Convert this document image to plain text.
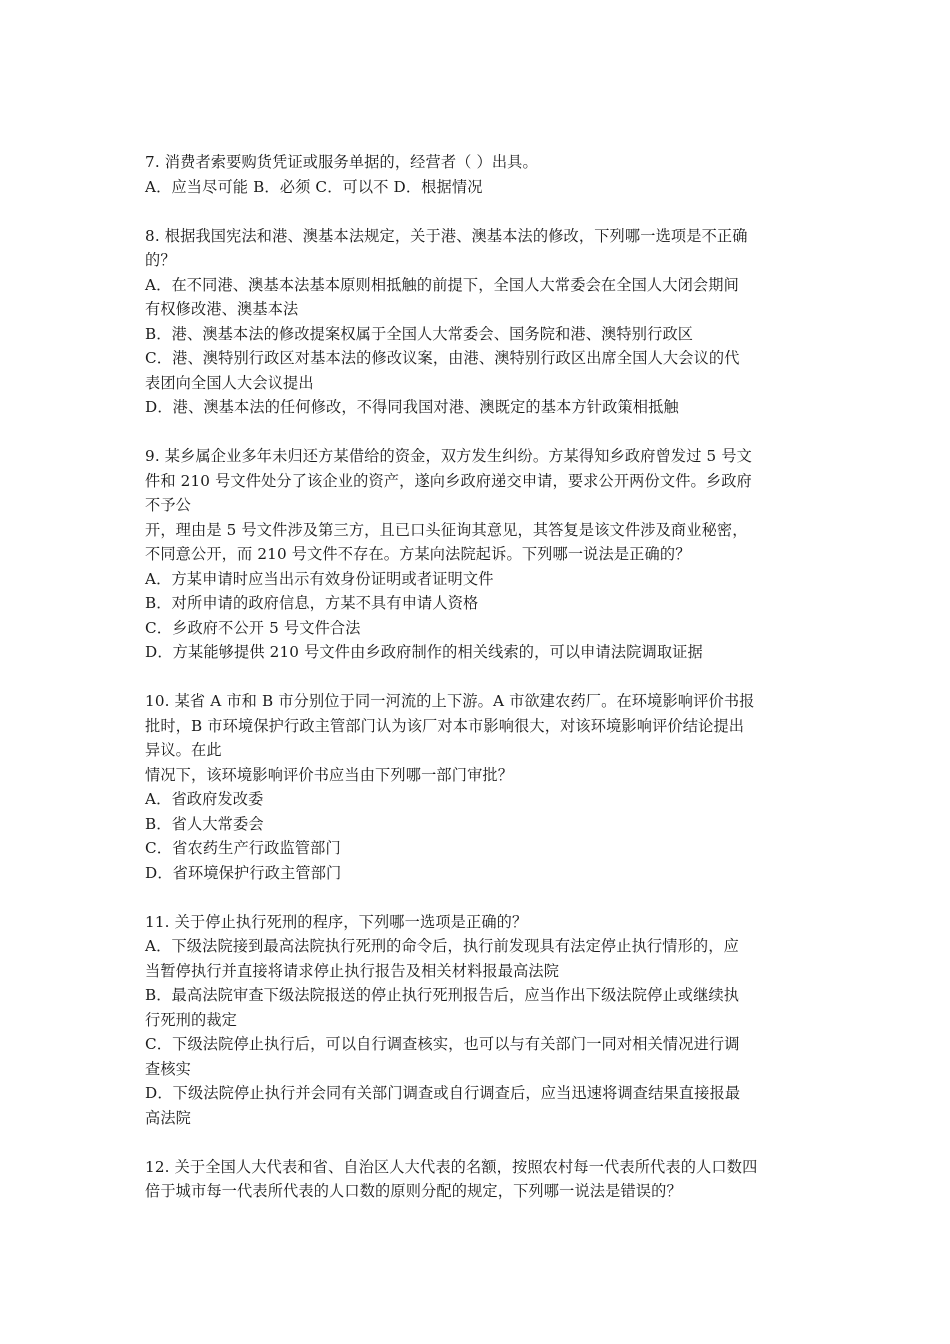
7. 消费者索要购货凭证或服务单据的，经营者（ ）出具。
A．应当尽可能 B．必须 C．可以不 D．根据情况
8. 根据我国宪法和港、澳基本法规定，关于港、澳基本法的修改，下列哪一选项是不正确
的？
A．在不同港、澳基本法基本原则相抵触的前提下，全国人大常委会在全国人大闭会期间
有权修改港、澳基本法
B．港、澳基本法的修改提案权属于全国人大常委会、国务院和港、澳特别行政区
C．港、澳特别行政区对基本法的修改议案，由港、澳特别行政区出席全国人大会议的代
表团向全国人大会议提出
D．港、澳基本法的任何修改，不得同我国对港、澳既定的基本方针政策相抵触
9. 某乡属企业多年未归还方某借给的资金，双方发生纠纷。方某得知乡政府曾发过 5 号文
件和 210 号文件处分了该企业的资产，遂向乡政府递交申请，要求公开两份文件。乡政府
不予公
开，理由是 5 号文件涉及第三方，且已口头征询其意见，其答复是该文件涉及商业秘密，
不同意公开，而 210 号文件不存在。方某向法院起诉。下列哪一说法是正确的？
A．方某申请时应当出示有效身份证明或者证明文件
B．对所申请的政府信息，方某不具有申请人资格
C．乡政府不公开 5 号文件合法
D．方某能够提供 210 号文件由乡政府制作的相关线索的，可以申请法院调取证据
10. 某省 A 市和 B 市分别位于同一河流的上下游。A 市欲建农药厂。在环境影响评价书报
批时，B 市环境保护行政主管部门认为该厂对本市影响很大，对该环境影响评价结论提出
异议。在此
情况下，该环境影响评价书应当由下列哪一部门审批？
A．省政府发改委
B．省人大常委会
C．省农药生产行政监管部门
D．省环境保护行政主管部门
11. 关于停止执行死刑的程序，下列哪一选项是正确的？
A．下级法院接到最高法院执行死刑的命令后，执行前发现具有法定停止执行情形的，应
当暂停执行并直接将请求停止执行报告及相关材料报最高法院
B．最高法院审查下级法院报送的停止执行死刑报告后，应当作出下级法院停止或继续执
行死刑的裁定
C．下级法院停止执行后，可以自行调查核实，也可以与有关部门一同对相关情况进行调
查核实
D．下级法院停止执行并会同有关部门调查或自行调查后，应当迅速将调查结果直接报最
高法院
12. 关于全国人大代表和省、自治区人大代表的名额，按照农村每一代表所代表的人口数四
倍于城市每一代表所代表的人口数的原则分配的规定，下列哪一说法是错误的？
